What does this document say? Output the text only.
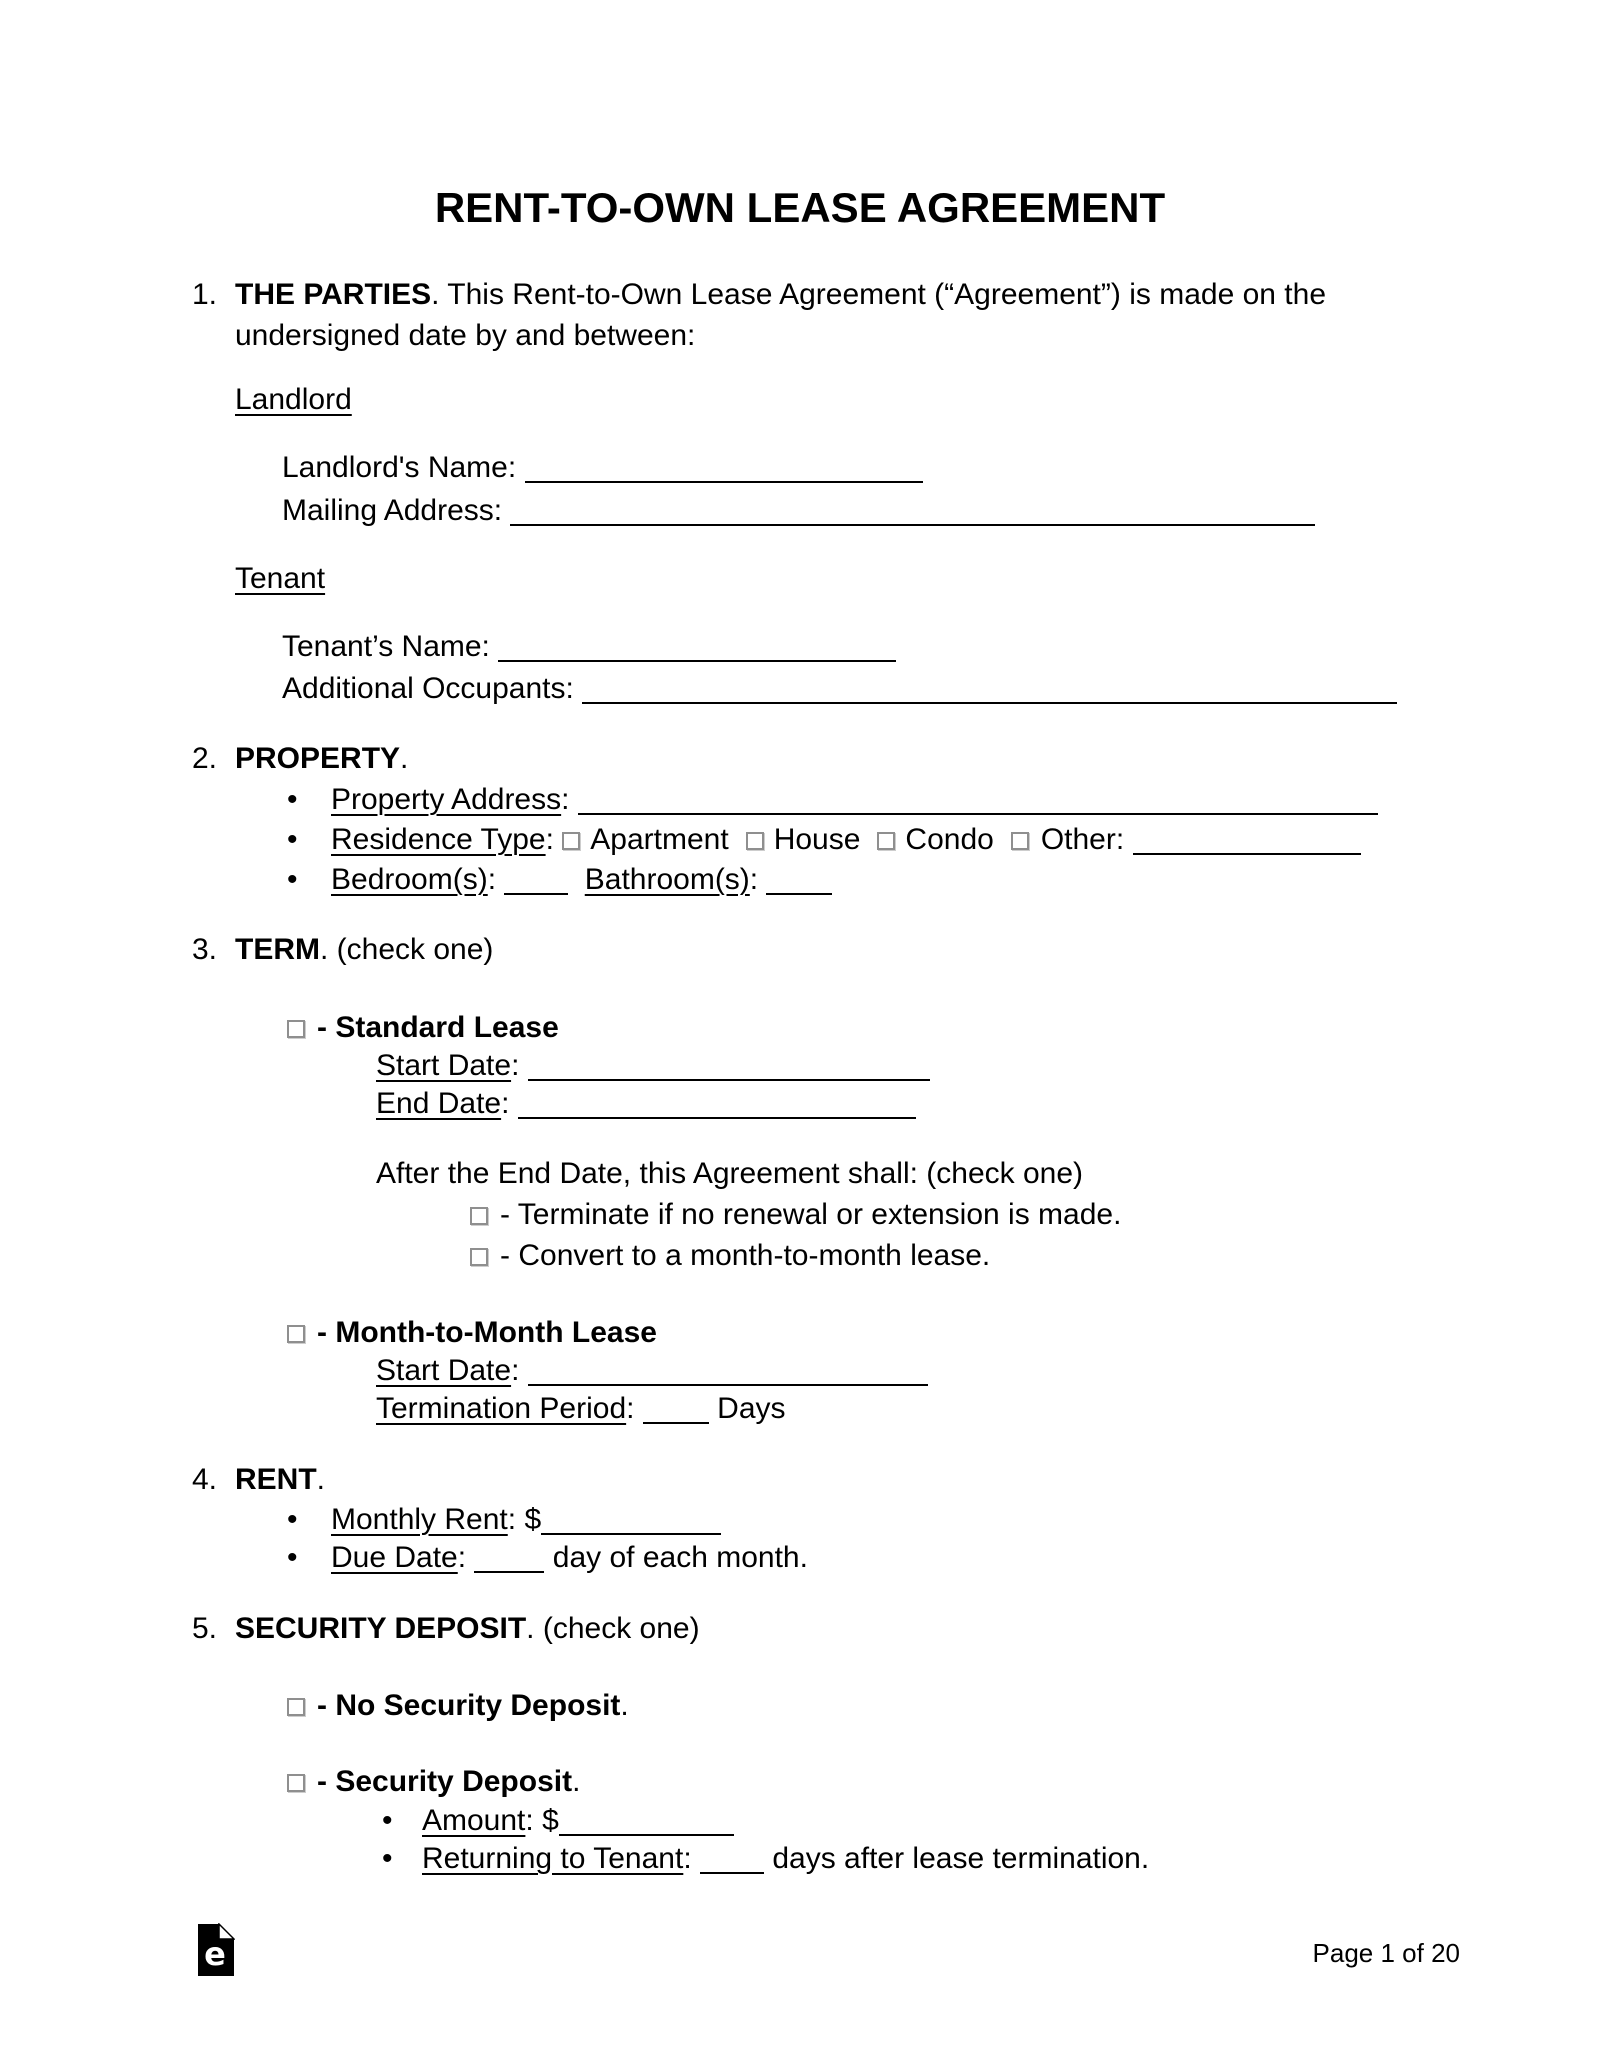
RENT-TO-OWN LEASE AGREEMENT
1. THE PARTIES. This Rent-to-Own Lease Agreement (“Agreement”) is made on the
undersigned date by and between:
Landlord
Landlord's Name:
Mailing Address:
Tenant
Tenant’s Name:
Additional Occupants:
2. PROPERTY.
• Property Address:
• Residence Type: Apartment House Condo Other:
• Bedroom(s):	Bathroom(s):
3. TERM. (check one)
- Standard Lease
Start Date:
End Date:
After the End Date, this Agreement shall: (check one)
- Terminate if no renewal or extension is made.
- Convert to a month-to-month lease.
- Month-to-Month Lease
Start Date:
Termination Period:	Days
4. RENT.
• Monthly Rent: $
• Due Date:	day of each month.
5. SECURITY DEPOSIT. (check one)
- No Security Deposit.
- Security Deposit.
• Amount: $
• Returning to Tenant:	days after lease termination.
e	Page 1 of 20
